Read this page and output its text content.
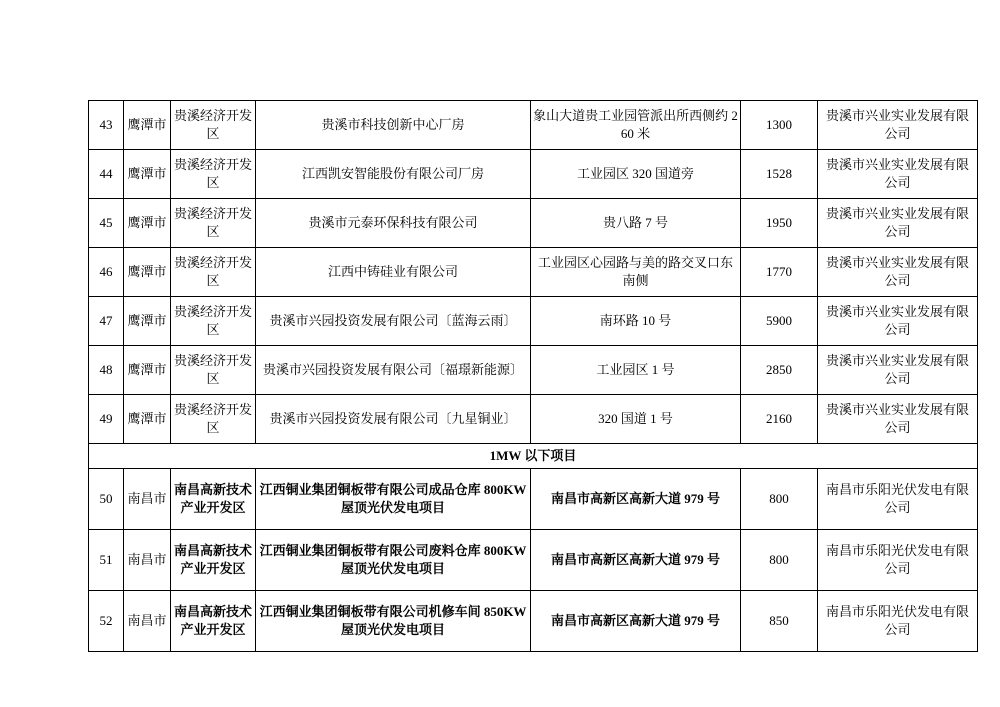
43	鹰潭市	贵溪经济开发区	贵溪市科技创新中心厂房	象山大道贵工业园管派出所西侧约 260 米	1300	贵溪市兴业实业发展有限公司
44	鹰潭市	贵溪经济开发区	江西凯安智能股份有限公司厂房	工业园区 320 国道旁	1528	贵溪市兴业实业发展有限公司
45	鹰潭市	贵溪经济开发区	贵溪市元泰环保科技有限公司	贵八路 7 号	1950	贵溪市兴业实业发展有限公司
46	鹰潭市	贵溪经济开发区	江西中铸硅业有限公司	工业园区心园路与美的路交叉口东南侧	1770	贵溪市兴业实业发展有限公司
47	鹰潭市	贵溪经济开发区	贵溪市兴园投资发展有限公司〔蓝海云雨〕	南环路 10 号	5900	贵溪市兴业实业发展有限公司
48	鹰潭市	贵溪经济开发区	贵溪市兴园投资发展有限公司〔福璟新能源〕	工业园区 1 号	2850	贵溪市兴业实业发展有限公司
49	鹰潭市	贵溪经济开发区	贵溪市兴园投资发展有限公司〔九星铜业〕	320 国道 1 号	2160	贵溪市兴业实业发展有限公司
1MW 以下项目						
50	南昌市	南昌高新技术产业开发区	江西铜业集团铜板带有限公司成品仓库 800KW 屋顶光伏发电项目	南昌市高新区高新大道 979 号	800	南昌市乐阳光伏发电有限公司
51	南昌市	南昌高新技术产业开发区	江西铜业集团铜板带有限公司废料仓库 800KW 屋顶光伏发电项目	南昌市高新区高新大道 979 号	800	南昌市乐阳光伏发电有限公司
52	南昌市	南昌高新技术产业开发区	江西铜业集团铜板带有限公司机修车间 850KW 屋顶光伏发电项目	南昌市高新区高新大道 979 号	850	南昌市乐阳光伏发电有限公司
